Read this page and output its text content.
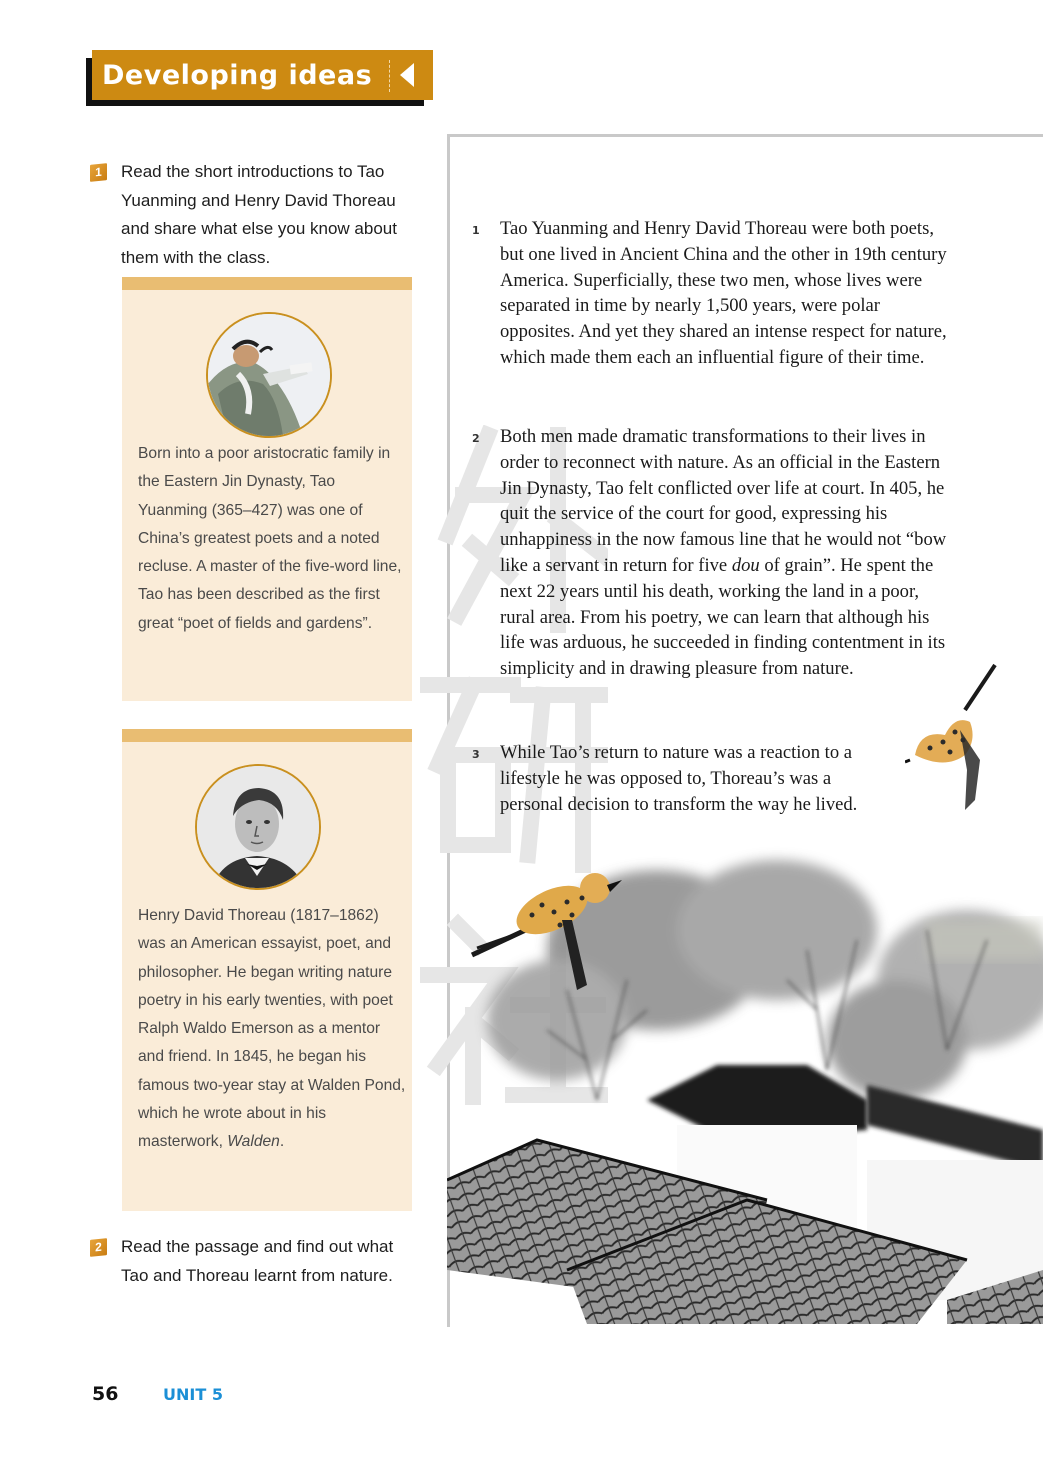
Developing ideas
1	Read the short introductions to Tao Yuanming and Henry David Thoreau and share what else you know about them with the class.
Born into a poor aristocratic family in the Eastern Jin Dynasty, Tao Yuanming (365–427) was one of China’s greatest poets and a noted recluse. A master of the five-word line, Tao has been described as the first great “poet of fields and gardens”.
Henry David Thoreau (1817–1862) was an American essayist, poet, and philosopher. He began writing nature poetry in his early twenties, with poet Ralph Waldo Emerson as a mentor and friend. In 1845, he began his famous two-year stay at Walden Pond, which he wrote about in his masterwork, Walden.
2	Read the passage and find out what Tao and Thoreau learnt from nature.
1 Tao Yuanming and Henry David Thoreau were both poets, but one lived in Ancient China and the other in 19th century America. Superficially, these two men, whose lives were separated in time by nearly 1,500 years, were polar opposites. And yet they shared an intense respect for nature, which made them each an influential figure of their time.
2 Both men made dramatic transformations to their lives in order to reconnect with nature. As an official in the Eastern Jin Dynasty, Tao felt conflicted over life at court. In 405, he quit the service of the court for good, expressing his unhappiness in the now famous line that he would not “bow like a servant in return for five dou of grain”. He spent the next 22 years until his death, working the land in a poor, rural area. From his poetry, we can learn that although his life was arduous, he succeeded in finding contentment in its simplicity and in drawing pleasure from nature.
3 While Tao’s return to nature was a reaction to a lifestyle he was opposed to, Thoreau’s was a personal decision to transform the way he lived.
56	UNIT 5
